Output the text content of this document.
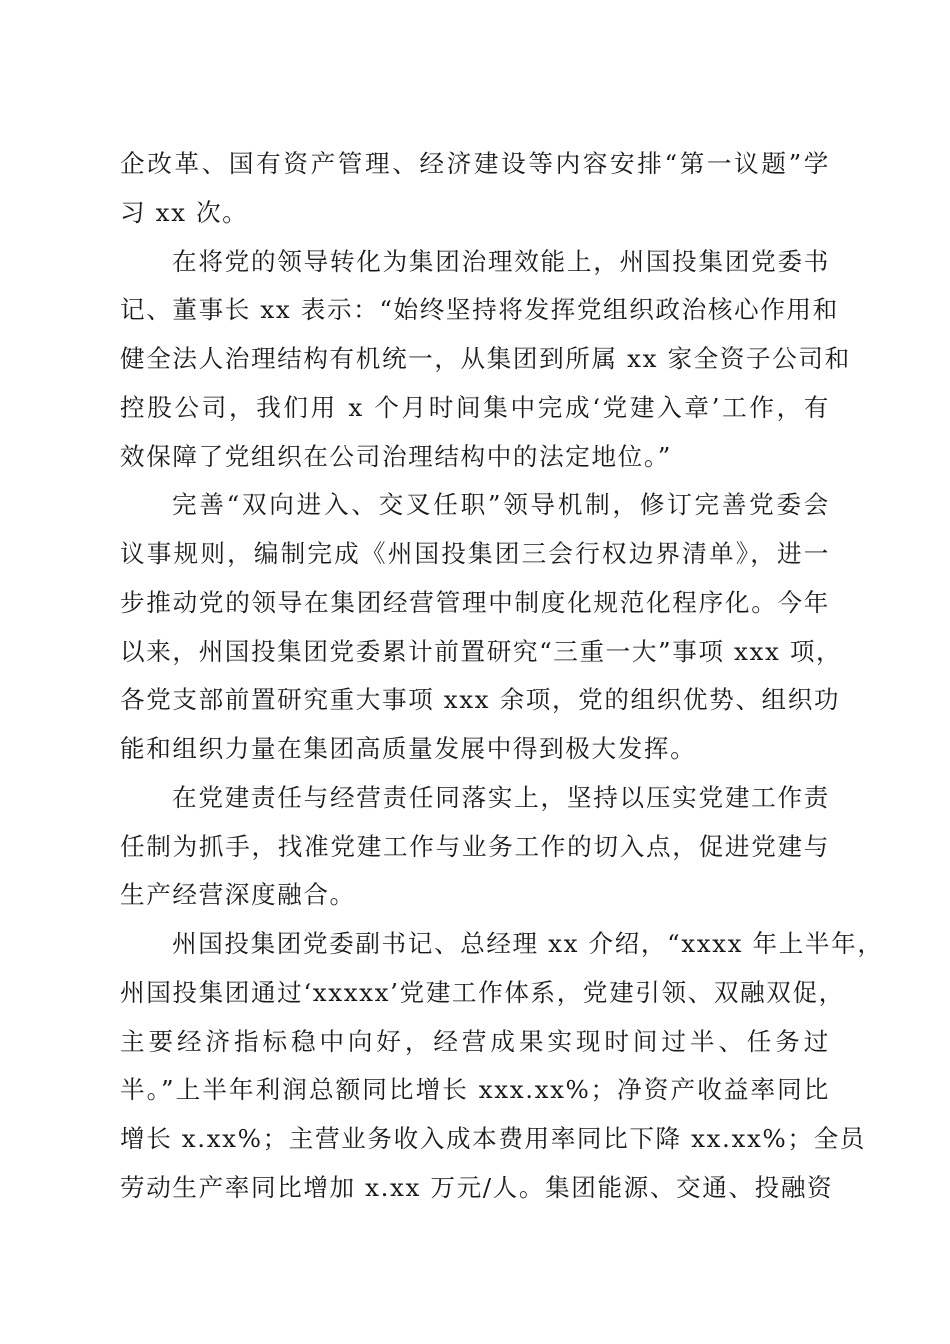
企改革、国有资产管理、经济建设等内容安排“第一议题”学
习 xx 次。
在将党的领导转化为集团治理效能上，州国投集团党委书
记、董事长 xx 表示：“始终坚持将发挥党组织政治核心作用和
健全法人治理结构有机统一，从集团到所属 xx 家全资子公司和
控股公司，我们用 x 个月时间集中完成‘党建入章’工作，有
效保障了党组织在公司治理结构中的法定地位。”
完善“双向进入、交叉任职”领导机制，修订完善党委会
议事规则，编制完成《州国投集团三会行权边界清单》，进一
步推动党的领导在集团经营管理中制度化规范化程序化。今年
以来，州国投集团党委累计前置研究“三重一大”事项 xxx 项，
各党支部前置研究重大事项 xxx 余项，党的组织优势、组织功
能和组织力量在集团高质量发展中得到极大发挥。
在党建责任与经营责任同落实上，坚持以压实党建工作责
任制为抓手，找准党建工作与业务工作的切入点，促进党建与
生产经营深度融合。
州国投集团党委副书记、总经理 xx 介绍，“xxxx 年上半年，
州国投集团通过‘xxxxx’党建工作体系，党建引领、双融双促，
主要经济指标稳中向好，经营成果实现时间过半、任务过
半。”上半年利润总额同比增长 xxx.xx%；净资产收益率同比
增长 x.xx%；主营业务收入成本费用率同比下降 xx.xx%；全员
劳动生产率同比增加 x.xx 万元/人。集团能源、交通、投融资
